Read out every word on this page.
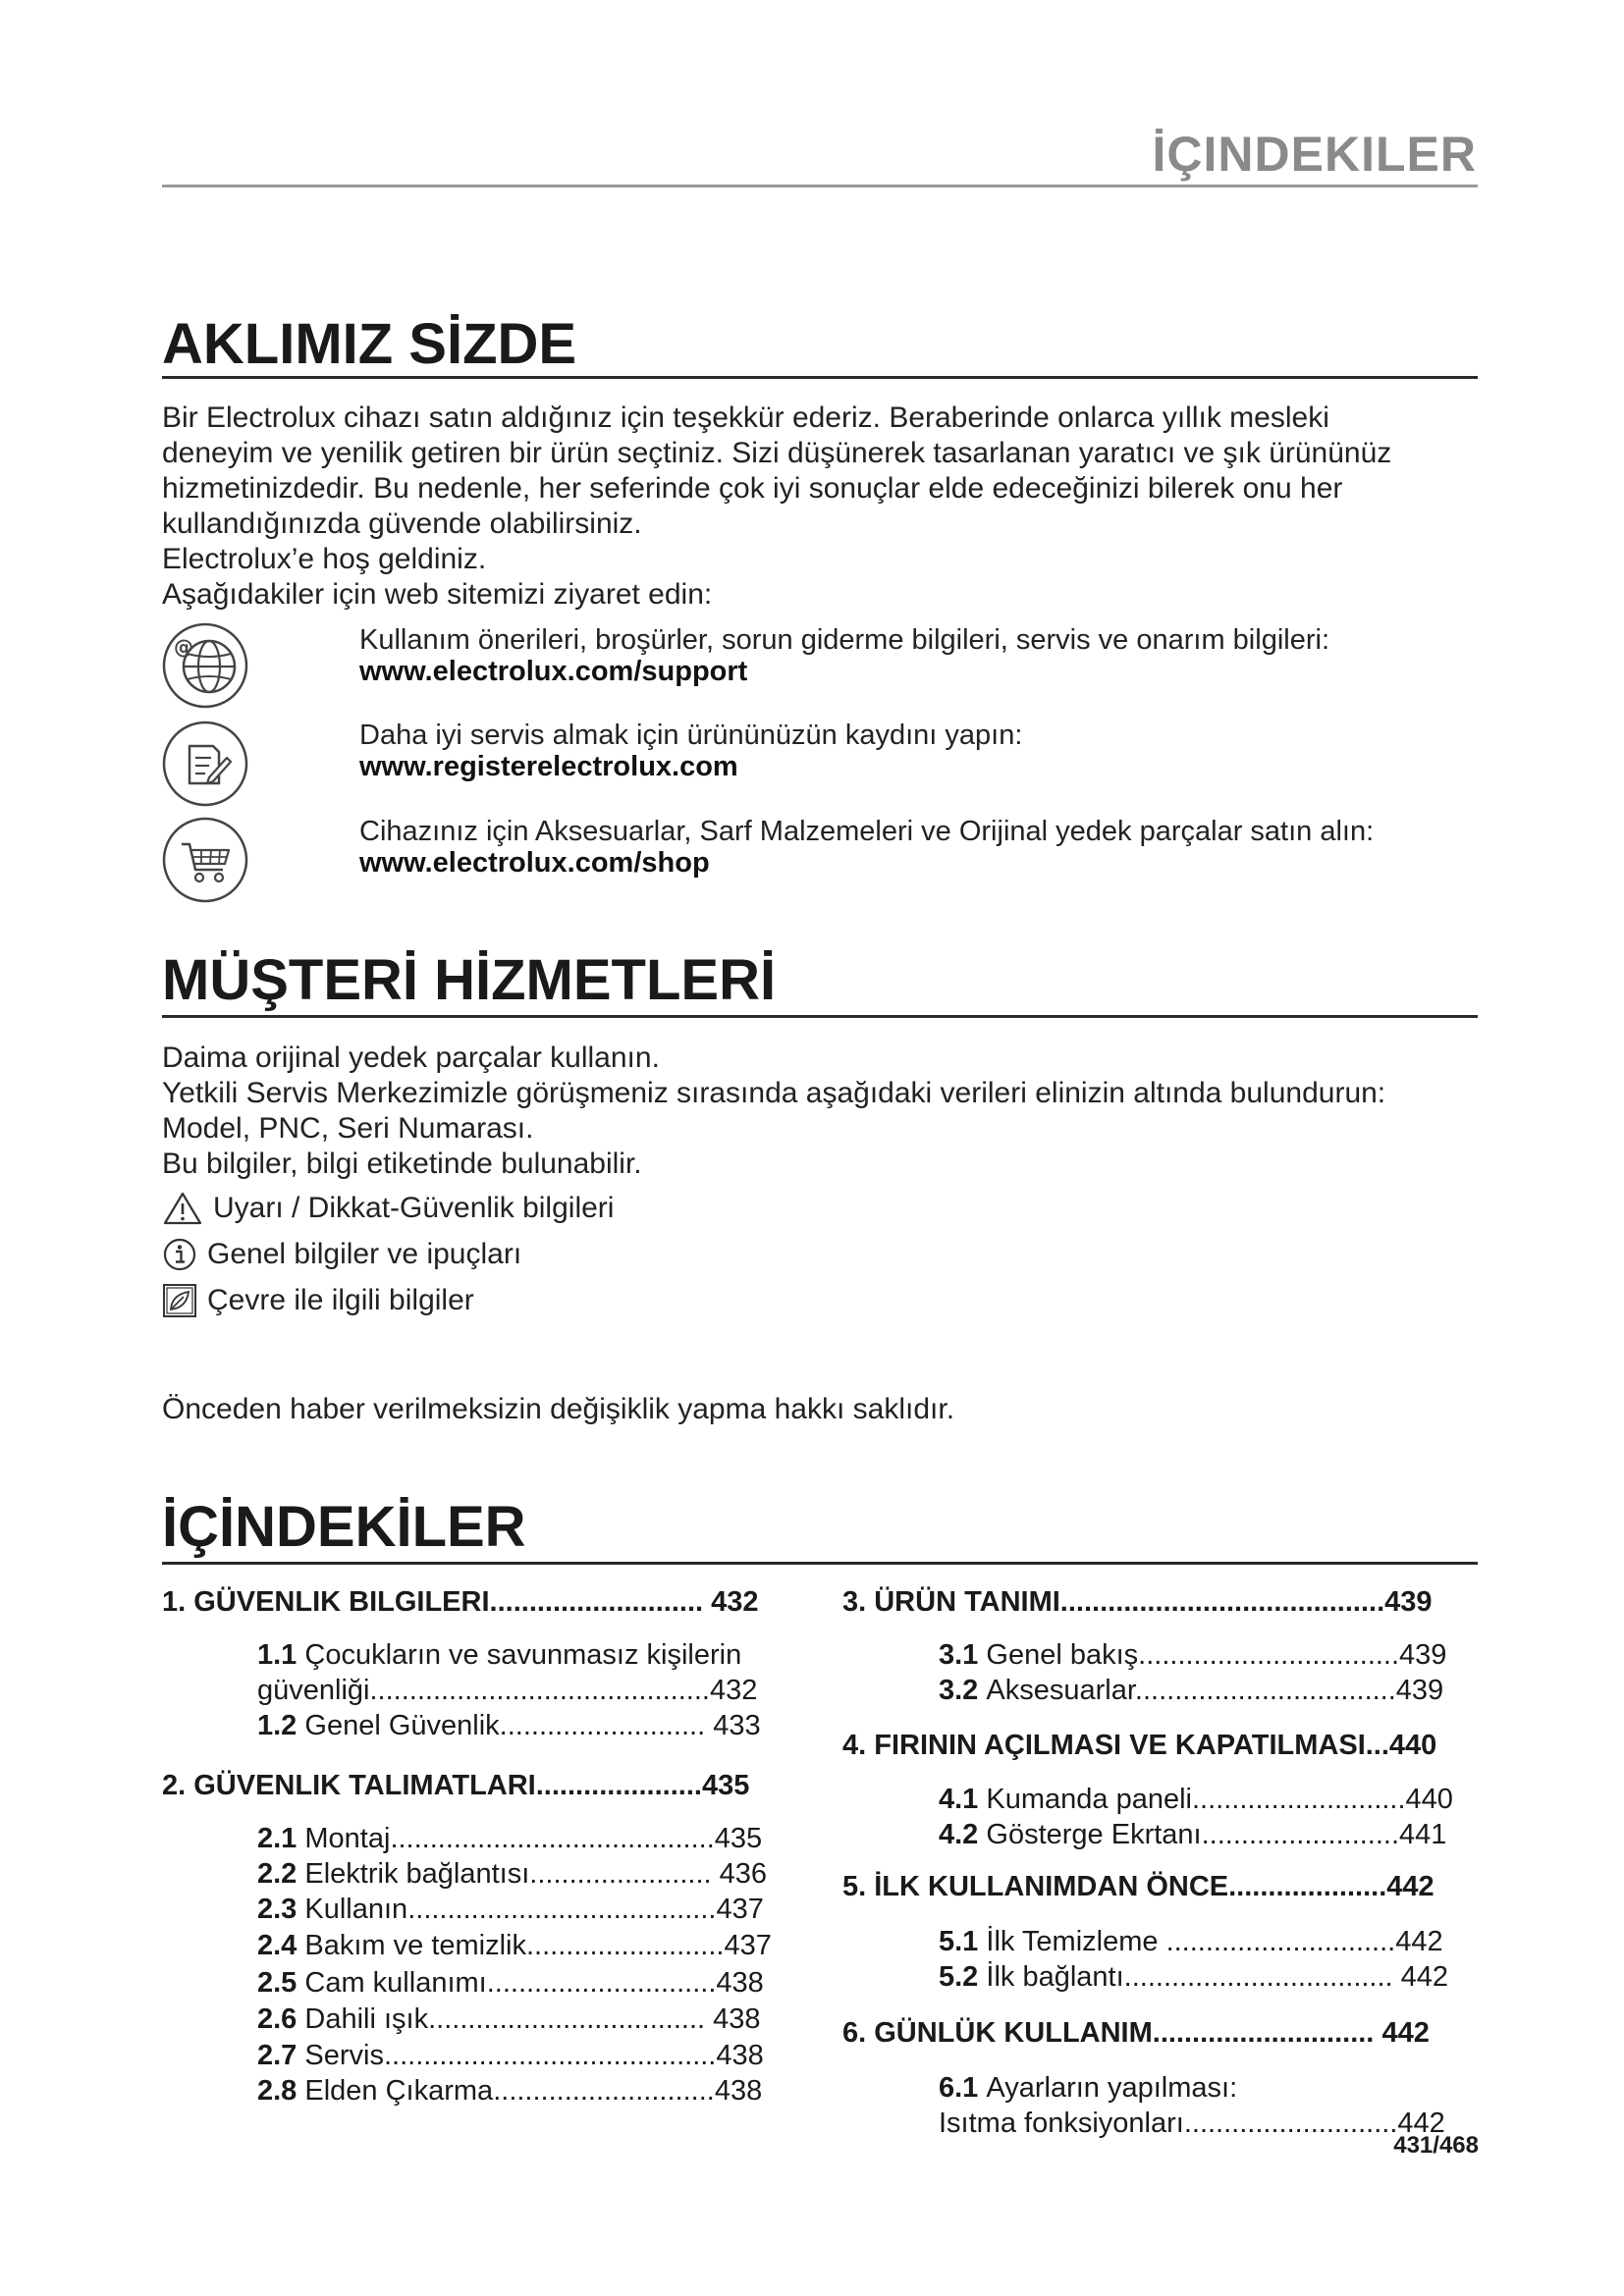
İÇINDEKILER
AKLIMIZ SİZDE
Bir Electrolux cihazı satın aldığınız için teşekkür ederiz. Beraberinde onlarca yıllık mesleki
deneyim ve yenilik getiren bir ürün seçtiniz. Sizi düşünerek tasarlanan yaratıcı ve şık ürününüz
hizmetinizdedir. Bu nedenle, her seferinde çok iyi sonuçlar elde edeceğinizi bilerek onu her
kullandığınızda güvende olabilirsiniz.
Electrolux’e hoş geldiniz.
Aşağıdakiler için web sitemizi ziyaret edin:
@	Kullanım önerileri, broşürler, sorun giderme bilgileri, servis ve onarım bilgileri:
www.electrolux.com/support
Daha iyi servis almak için ürününüzün kaydını yapın:
www.registerelectrolux.com
Cihazınız için Aksesuarlar, Sarf Malzemeleri ve Orijinal yedek parçalar satın alın:
www.electrolux.com/shop
MÜŞTERİ HİZMETLERİ
Daima orijinal yedek parçalar kullanın.
Yetkili Servis Merkezimizle görüşmeniz sırasında aşağıdaki verileri elinizin altında bulundurun:
Model, PNC, Seri Numarası.
Bu bilgiler, bilgi etiketinde bulunabilir.
Uyarı / Dikkat-Güvenlik bilgileri
Genel bilgiler ve ipuçları
Çevre ile ilgili bilgiler
Önceden haber verilmeksizin değişiklik yapma hakkı saklıdır.
İÇİNDEKİLER
1. GÜVENLIK BILGILERI........................... 432
1.1 Çocukların ve savunmasız kişilerin
güvenliği...........................................432
1.2 Genel Güvenlik.......................... 433
2. GÜVENLIK TALIMATLARI.....................435
2.1 Montaj.........................................435
2.2 Elektrik bağlantısı....................... 436
2.3 Kullanın.......................................437
2.4 Bakım ve temizlik.........................437
2.5 Cam kullanımı.............................438
2.6 Dahili ışık................................... 438
2.7 Servis..........................................438
2.8 Elden Çıkarma............................438
3. ÜRÜN TANIMI.........................................439
3.1 Genel bakış.................................439
3.2 Aksesuarlar.................................439
4. FIRININ AÇILMASI VE KAPATILMASI...440
4.1 Kumanda paneli...........................440
4.2 Gösterge Ekrtanı.........................441
5. İLK KULLANIMDAN ÖNCE....................442
5.1 İlk Temizleme .............................442
5.2 İlk bağlantı.................................. 442
6. GÜNLÜK KULLANIM............................ 442
6.1 Ayarların yapılması:
Isıtma fonksiyonları...........................442
431/468
